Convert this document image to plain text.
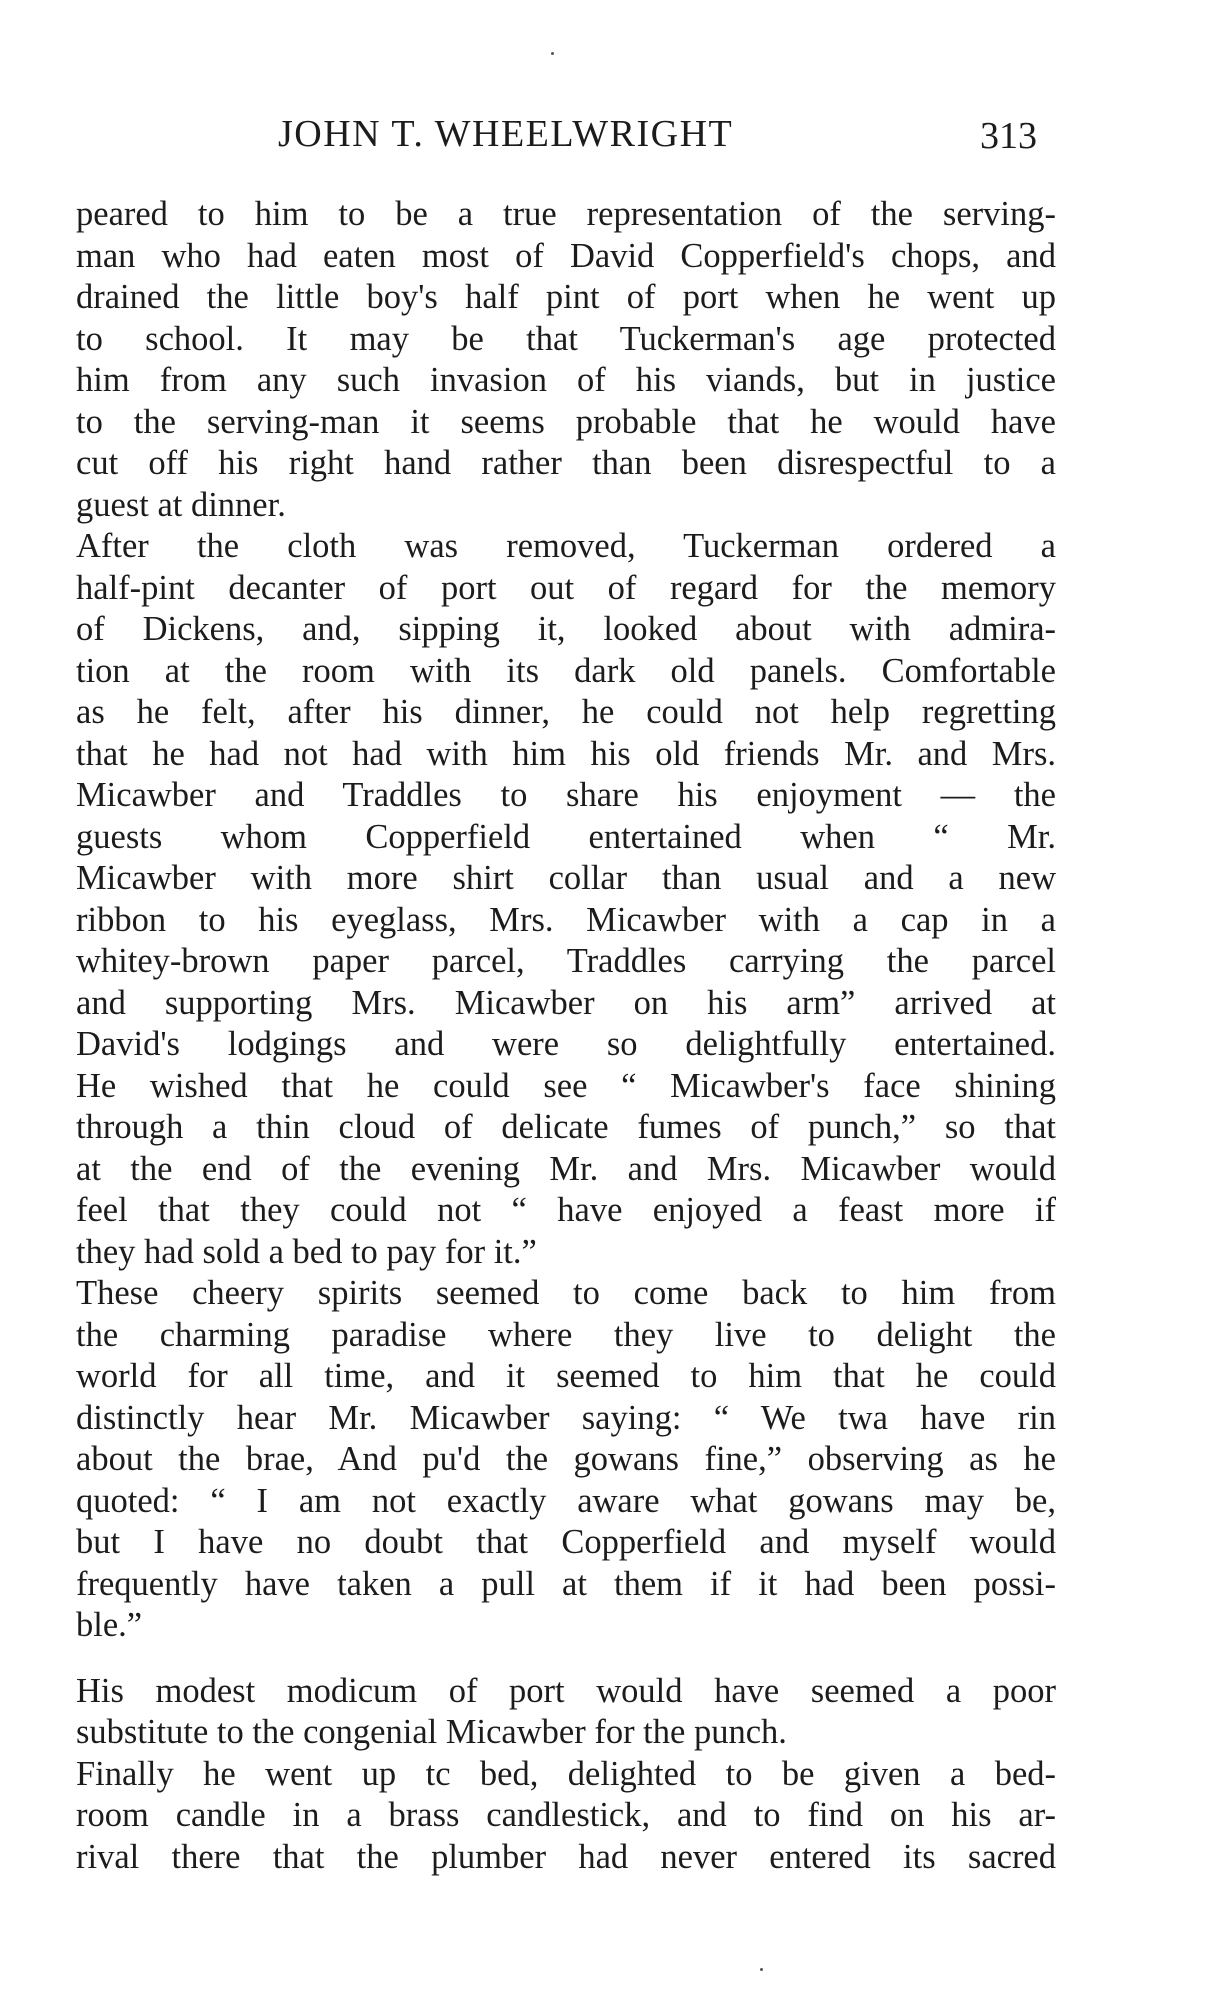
JOHN T. WHEELWRIGHT	313
peared to him to be a true representation of the serving-
man who had eaten most of David Copperfield's chops, and
drained the little boy's half pint of port when he went up
to school. It may be that Tuckerman's age protected
him from any such invasion of his viands, but in justice
to the serving-man it seems probable that he would have
cut off his right hand rather than been disrespectful to a
guest at dinner.
After the cloth was removed, Tuckerman ordered a
half-pint decanter of port out of regard for the memory
of Dickens, and, sipping it, looked about with admira-
tion at the room with its dark old panels. Comfortable
as he felt, after his dinner, he could not help regretting
that he had not had with him his old friends Mr. and Mrs.
Micawber and Traddles to share his enjoyment — the
guests whom Copperfield entertained when “ Mr.
Micawber with more shirt collar than usual and a new
ribbon to his eyeglass, Mrs. Micawber with a cap in a
whitey-brown paper parcel, Traddles carrying the parcel
and supporting Mrs. Micawber on his arm” arrived at
David's lodgings and were so delightfully entertained.
He wished that he could see “ Micawber's face shining
through a thin cloud of delicate fumes of punch,” so that
at the end of the evening Mr. and Mrs. Micawber would
feel that they could not “ have enjoyed a feast more if
they had sold a bed to pay for it.”
These cheery spirits seemed to come back to him from
the charming paradise where they live to delight the
world for all time, and it seemed to him that he could
distinctly hear Mr. Micawber saying: “ We twa have rin
about the brae, And pu'd the gowans fine,” observing as he
quoted: “ I am not exactly aware what gowans may be,
but I have no doubt that Copperfield and myself would
frequently have taken a pull at them if it had been possi-
ble.”
His modest modicum of port would have seemed a poor
substitute to the congenial Micawber for the punch.
Finally he went up tc bed, delighted to be given a bed-
room candle in a brass candlestick, and to find on his ar-
rival there that the plumber had never entered its sacred
